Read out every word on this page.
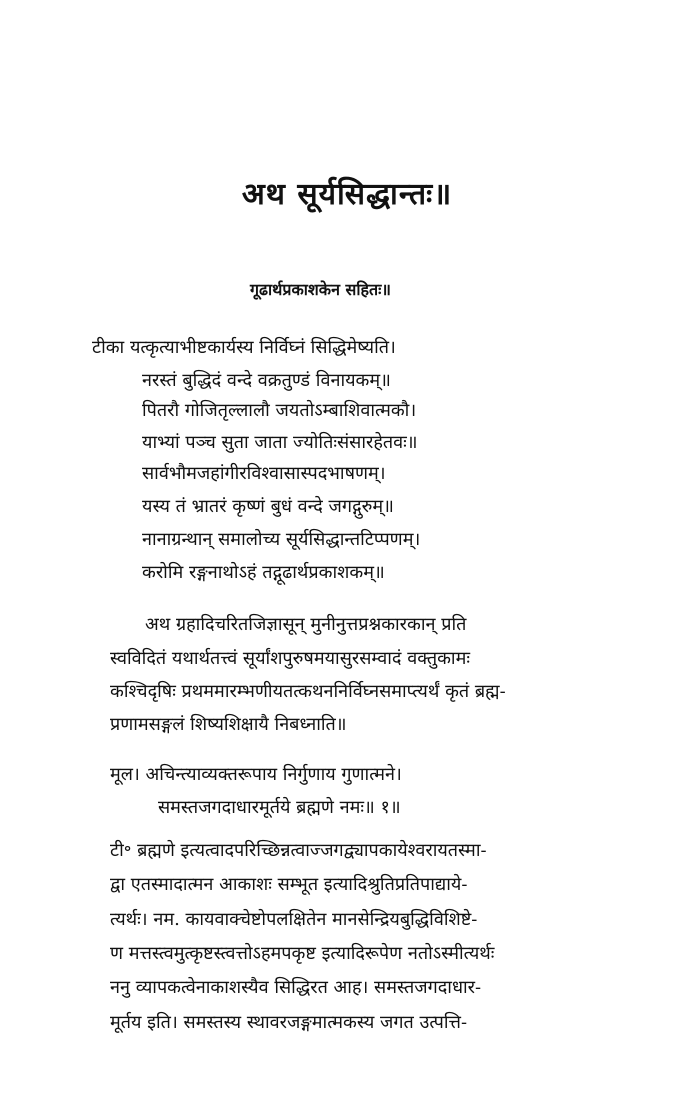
अथ सूर्यसिद्धान्तः॥
गूढार्थप्रकाशकेन सहितः॥
टीका यत्कृत्याभीष्टकार्यस्य निर्विघ्नं सिद्धिमेष्यति।
नरस्तं बुद्धिदं वन्दे वक्रतुण्डं विनायकम्॥
पितरौ गोजितृल्लालौ जयतोऽम्बाशिवात्मकौ।
याभ्यां पञ्च सुता जाता ज्योतिःसंसारहेतवः॥
सार्वभौमजहांगीरविश्वासास्पदभाषणम्।
यस्य तं भ्रातरं कृष्णं बुधं वन्दे जगद्गुरुम्॥
नानाग्रन्थान् समालोच्य सूर्यसिद्धान्तटिप्पणम्।
करोमि रङ्गनाथोऽहं तद्गूढार्थप्रकाशकम्॥
अथ ग्रहादिचरितजिज्ञासून् मुनीनुत्तप्रश्नकारकान् प्रति
स्वविदितं यथार्थतत्त्वं सूर्यांशपुरुषमयासुरसम्वादं वक्तुकामः
कश्चिदृषिः प्रथममारम्भणीयतत्कथननिर्विघ्नसमाप्त्यर्थं कृतं ब्रह्म-
प्रणामसङ्गलं शिष्यशिक्षायै निबध्नाति॥
मूल। अचिन्त्याव्यक्तरूपाय निर्गुणाय गुणात्मने।
समस्तजगदाधारमूर्तये ब्रह्मणे नमः॥ १॥
टी॰ ब्रह्मणे इत्यत्वादपरिच्छिन्नत्वाज्जगद्व्यापकायेश्वरायतस्मा-
द्वा एतस्मादात्मन आकाशः सम्भूत इत्यादिश्रुतिप्रतिपाद्याये-
त्यर्थः। नम. कायवाक्चेष्टोपलक्षितेन मानसेन्द्रियबुद्धिविशिष्टे-
ण मत्तस्त्वमुत्कृष्टस्त्वत्तोऽहमपकृष्ट इत्यादिरूपेण नतोऽस्मीत्यर्थः
ननु व्यापकत्वेनाकाशस्यैव सिद्धिरत आह। समस्तजगदाधार-
मूर्तय इति। समस्तस्य स्थावरजङ्गमात्मकस्य जगत उत्पत्ति-
